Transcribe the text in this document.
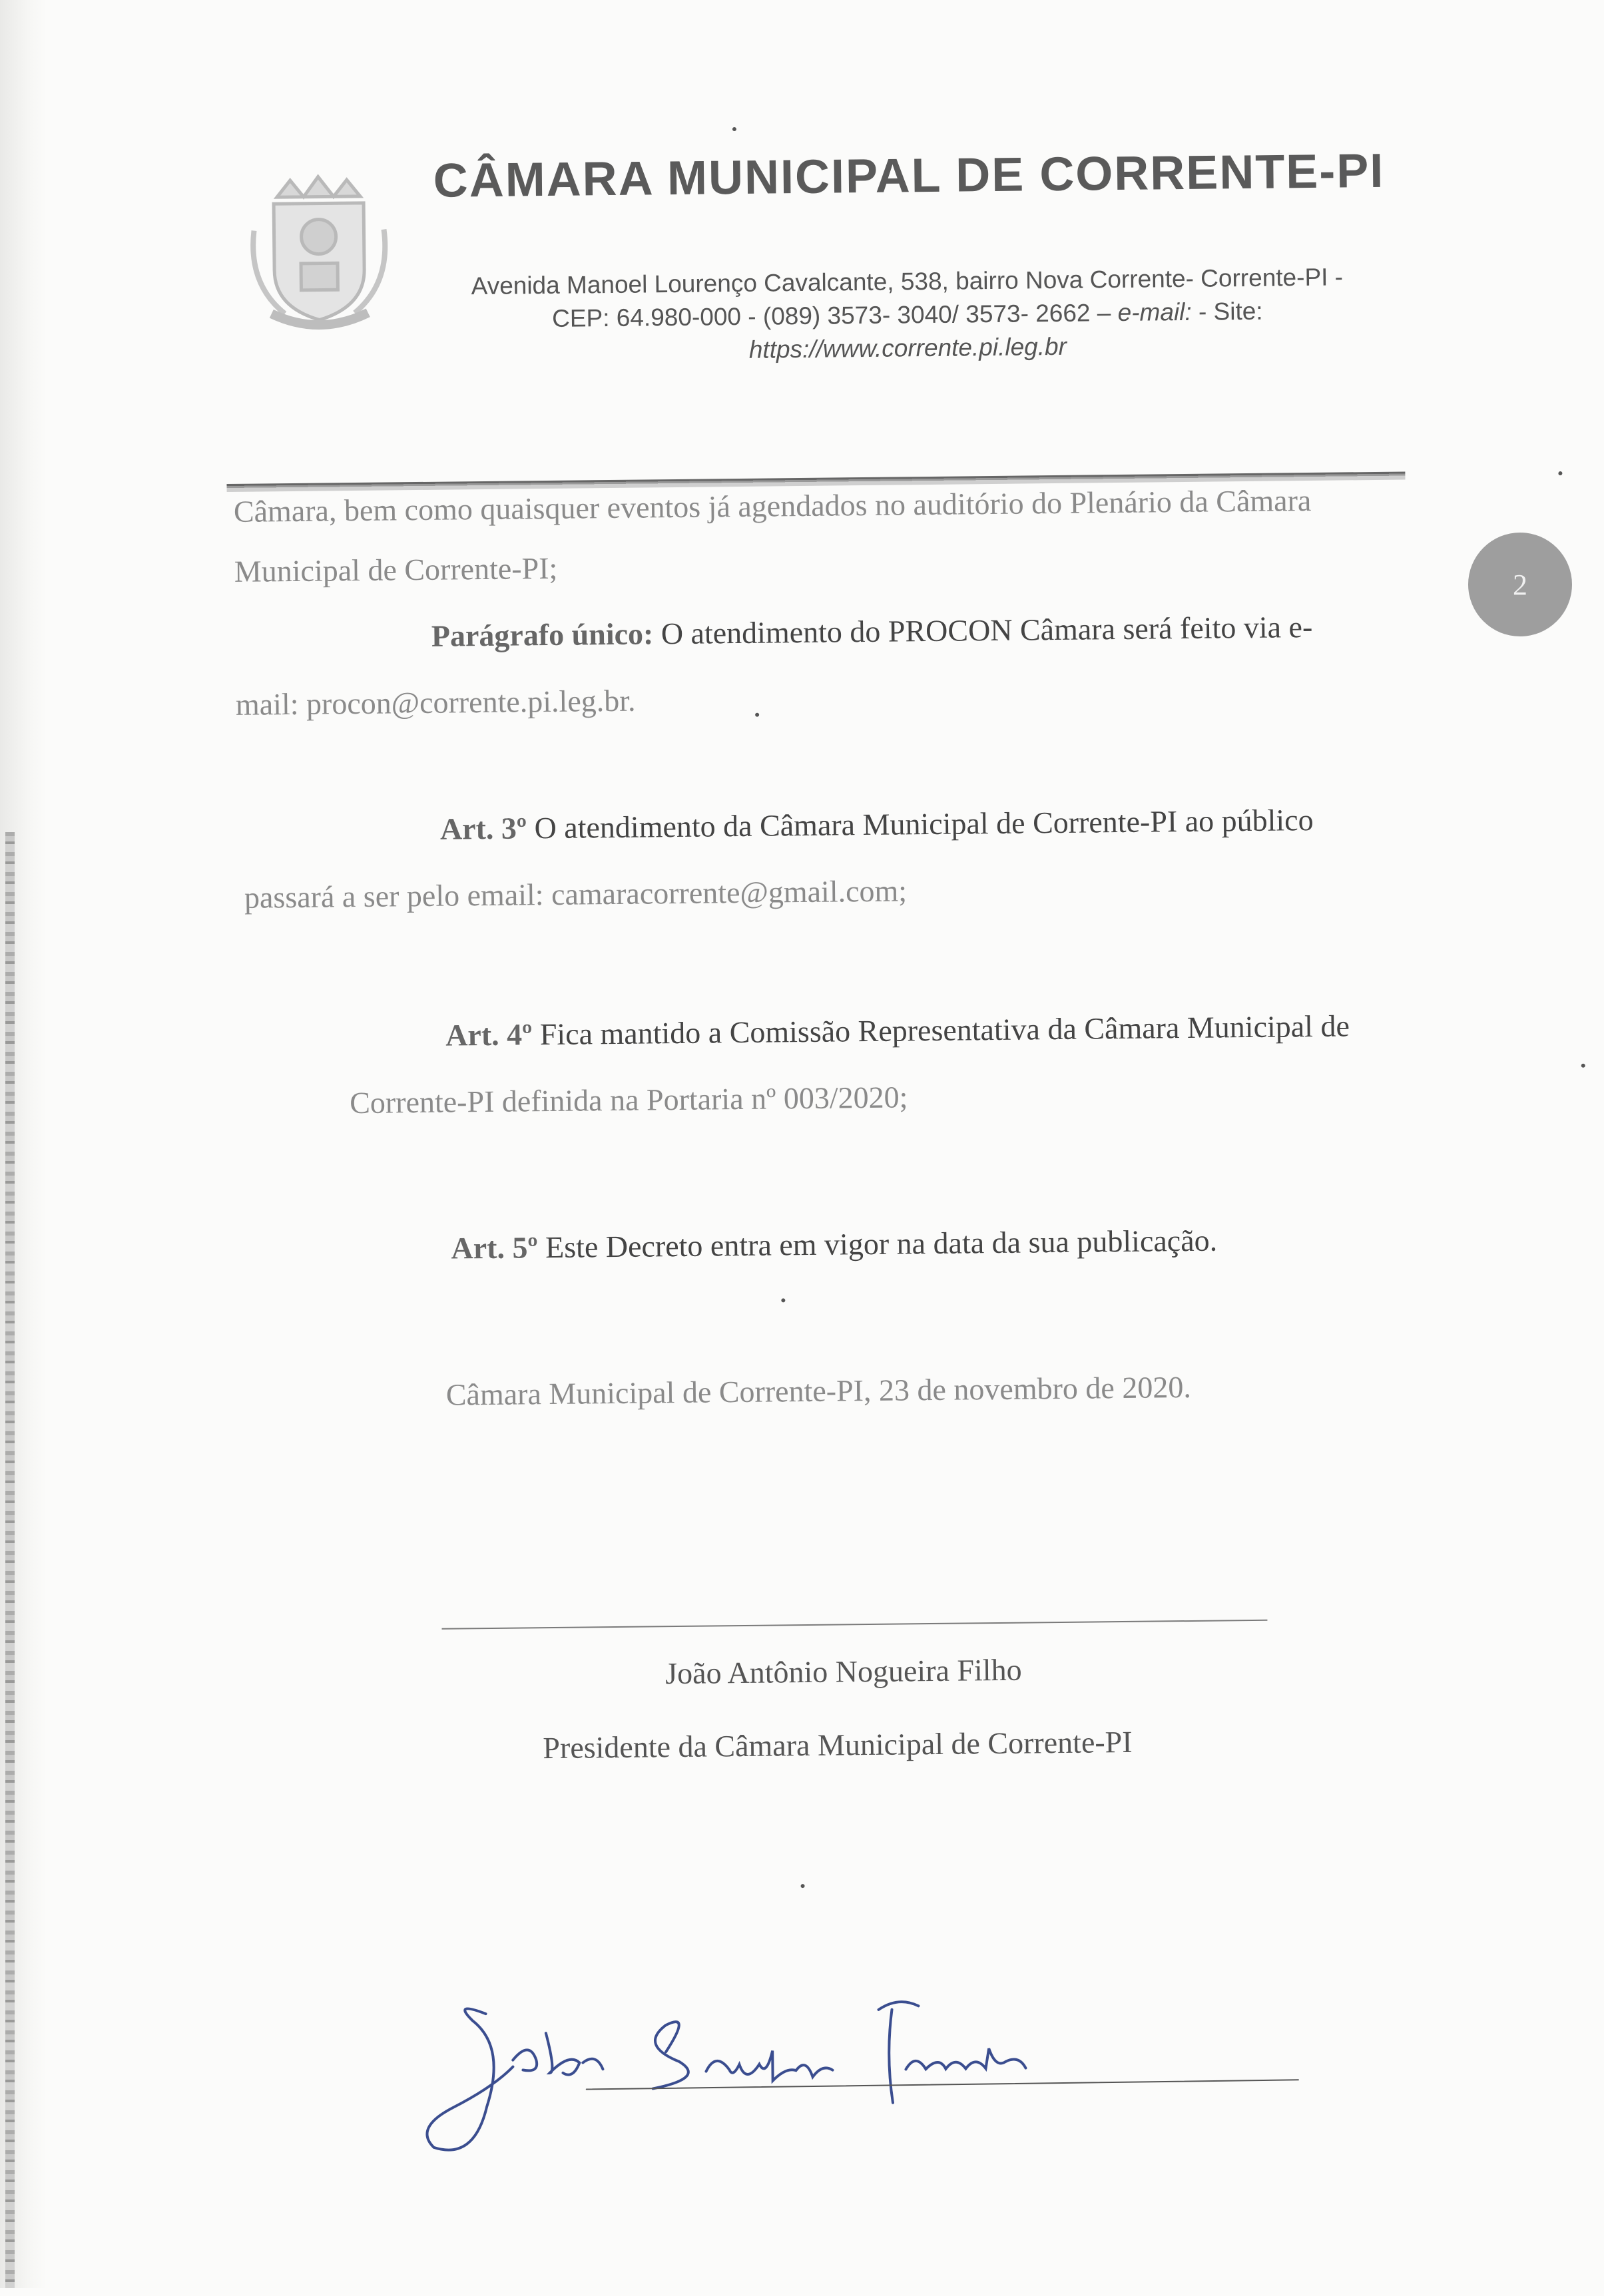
CÂMARA MUNICIPAL DE CORRENTE-PI
Avenida Manoel Lourenço Cavalcante, 538, bairro Nova Corrente- Corrente-PI -
CEP: 64.980-000 - (089) 3573- 3040/ 3573- 2662 – e-mail: - Site:
https://www.corrente.pi.leg.br
Câmara, bem como quaisquer eventos já agendados no auditório do Plenário da Câmara
Municipal de Corrente-PI;
Parágrafo único: O atendimento do PROCON Câmara será feito via e-
mail: procon@corrente.pi.leg.br.
Art. 3º O atendimento da Câmara Municipal de Corrente-PI ao público
passará a ser pelo email: camaracorrente@gmail.com;
Art. 4º Fica mantido a Comissão Representativa da Câmara Municipal de
Corrente-PI definida na Portaria nº 003/2020;
Art. 5º Este Decreto entra em vigor na data da sua publicação.
Câmara Municipal de Corrente-PI, 23 de novembro de 2020.
João Antônio Nogueira Filho
Presidente da Câmara Municipal de Corrente-PI
2
